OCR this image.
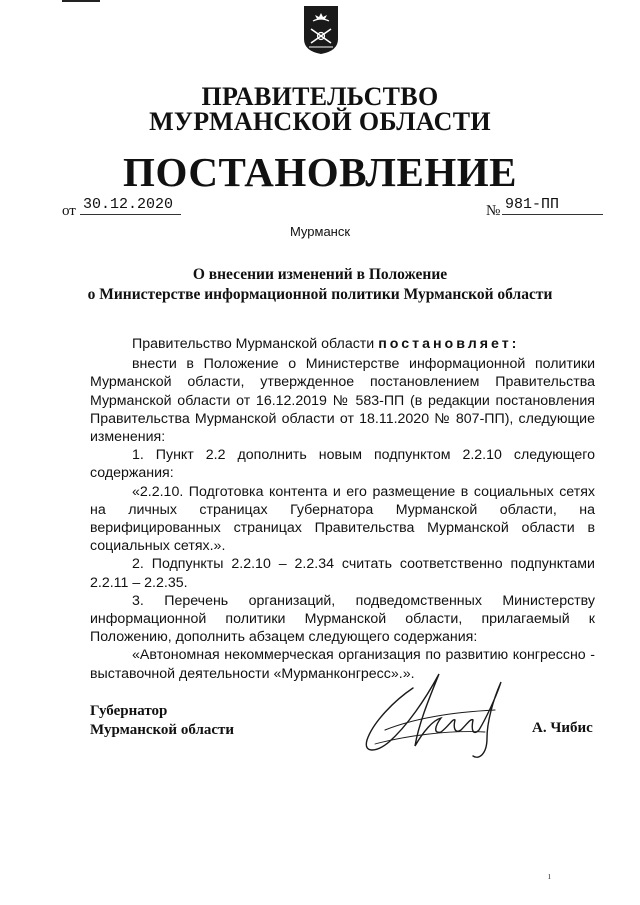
ПРАВИТЕЛЬСТВО
МУРМАНСКОЙ ОБЛАСТИ
ПОСТАНОВЛЕНИЕ
от 30.12.2020	№ 981-ПП
Мурманск
О внесении изменений в Положение
о Министерстве информационной политики Мурманской области

Правительство Мурманской области постановляет:

внести в Положение о Министерстве информационной политики Мурманской области, утвержденное постановлением Правительства Мурманской области от 16.12.2019 № 583-ПП (в редакции постановления Правительства Мурманской области от 18.11.2020 № 807-ПП), следующие изменения:

1. Пункт 2.2 дополнить новым подпунктом 2.2.10 следующего содержания:

«2.2.10. Подготовка контента и его размещение в социальных сетях на личных страницах Губернатора Мурманской области, на верифицированных страницах Правительства Мурманской области в социальных сетях.».

2. Подпункты 2.2.10 – 2.2.34 считать соответственно подпунктами 2.2.11 – 2.2.35.

3. Перечень организаций, подведомственных Министерству информационной политики Мурманской области, прилагаемый к Положению, дополнить абзацем следующего содержания:

«Автономная некоммерческая организация по развитию конгрессно - выставочной деятельности «Мурманконгресс».».

Губернатор
Мурманской области	А. Чибис
ı
